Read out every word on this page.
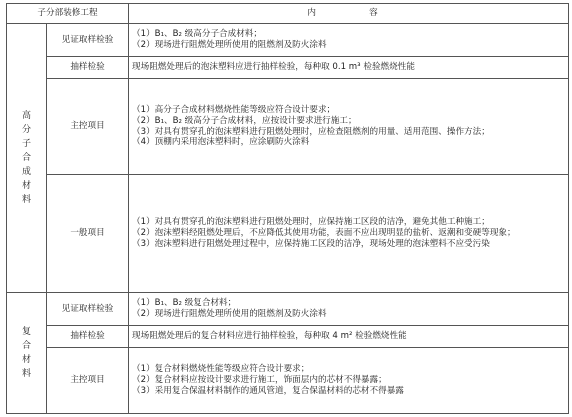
子分部装修工程		内　　容
高分子合成材料	见证取样检验	（1）B₁、B₂ 级高分子合成材料；

（2）现场进行阻燃处理所使用的阻燃剂及防火涂料

	抽样检验	现场阻燃处理后的泡沫塑料应进行抽样检验，每种取 0.1 m³ 检验燃烧性能

	主控项目	（1）高分子合成材料燃烧性能等级应符合设计要求；

（2）B₁、B₂ 级高分子合成材料，应按设计要求进行施工；

（3）对具有贯穿孔的泡沫塑料进行阻燃处理时，应检查阻燃剂的用量、适用范围、操作方法；

（4）顶棚内采用泡沫塑料时，应涂刷防火涂料

	一般项目	（1）对具有贯穿孔的泡沫塑料进行阻燃处理时，应保持施工区段的洁净，避免其他工种施工；

（2）泡沫塑料经阻燃处理后，不应降低其使用功能，表面不应出现明显的盐析、返潮和变硬等现象；

（3）泡沫塑料进行阻燃处理过程中，应保持施工区段的洁净，现场处理的泡沫塑料不应受污染

复合材料	见证取样检验	（1）B₁、B₂ 级复合材料；

（2）现场进行阻燃处理所使用的阻燃剂及防火涂料

	抽样检验	现场阻燃处理后的复合材料应进行抽样检验，每种取 4 m² 检验燃烧性能

	主控项目	（1）复合材料燃烧性能等级应符合设计要求；

（2）复合材料应按设计要求进行施工，饰面层内的芯材不得暴露；

（3）采用复合保温材料制作的通风管道，复合保温材料的芯材不得暴露
